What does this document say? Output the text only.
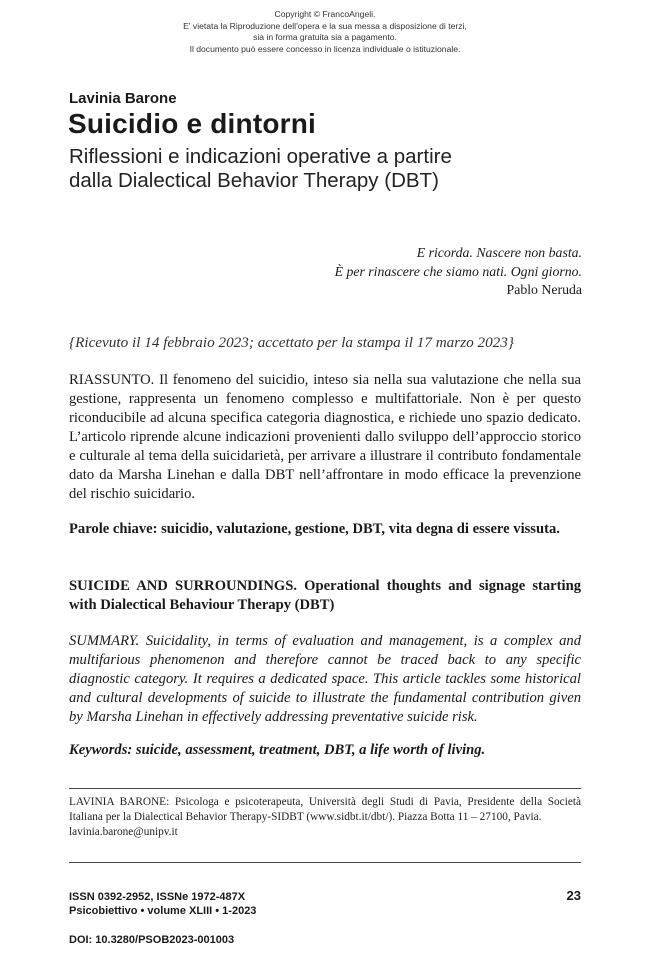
Copyright © FrancoAngeli.
E' vietata la Riproduzione dell'opera e la sua messa a disposizione di terzi,
sia in forma gratuita sia a pagamento.
Il documento può essere concesso in licenza individuale o istituzionale.
Lavinia Barone
Suicidio e dintorni
Riflessioni e indicazioni operative a partire
dalla Dialectical Behavior Therapy (DBT)
E ricorda. Nascere non basta.
È per rinascere che siamo nati. Ogni giorno.
Pablo Neruda
{Ricevuto il 14 febbraio 2023; accettato per la stampa il 17 marzo 2023}
RIASSUNTO. Il fenomeno del suicidio, inteso sia nella sua valutazione che nella sua gestione, rappresenta un fenomeno complesso e multifattoriale. Non è per questo riconducibile ad alcuna specifica categoria diagnostica, e richiede uno spazio dedicato. L’articolo riprende alcune indicazioni provenienti dallo sviluppo dell’approccio storico e culturale al tema della suicidarietà, per arrivare a illustrare il contributo fondamentale dato da Marsha Linehan e dalla DBT nell’affrontare in modo efficace la prevenzione del rischio suicidario.
Parole chiave: suicidio, valutazione, gestione, DBT, vita degna di essere vissuta.
SUICIDE AND SURROUNDINGS. Operational thoughts and signage starting with Dialectical Behaviour Therapy (DBT)
SUMMARY. Suicidality, in terms of evaluation and management, is a complex and multifarious phenomenon and therefore cannot be traced back to any specific diagnostic category. It requires a dedicated space. This article tackles some historical and cultural developments of suicide to illustrate the fundamental contribution given by Marsha Linehan in effectively addressing preventative suicide risk.
Keywords: suicide, assessment, treatment, DBT, a life worth of living.
LAVINIA BARONE: Psicologa e psicoterapeuta, Università degli Studi di Pavia, Presidente della Società Italiana per la Dialectical Behavior Therapy-SIDBT (www.sidbt.it/dbt/). Piazza Botta 11 – 27100, Pavia.
lavinia.barone@unipv.it
ISSN 0392-2952, ISSNe 1972-487X
Psicobiettivo • volume XLIII • 1-2023
23
DOI: 10.3280/PSOB2023-001003
